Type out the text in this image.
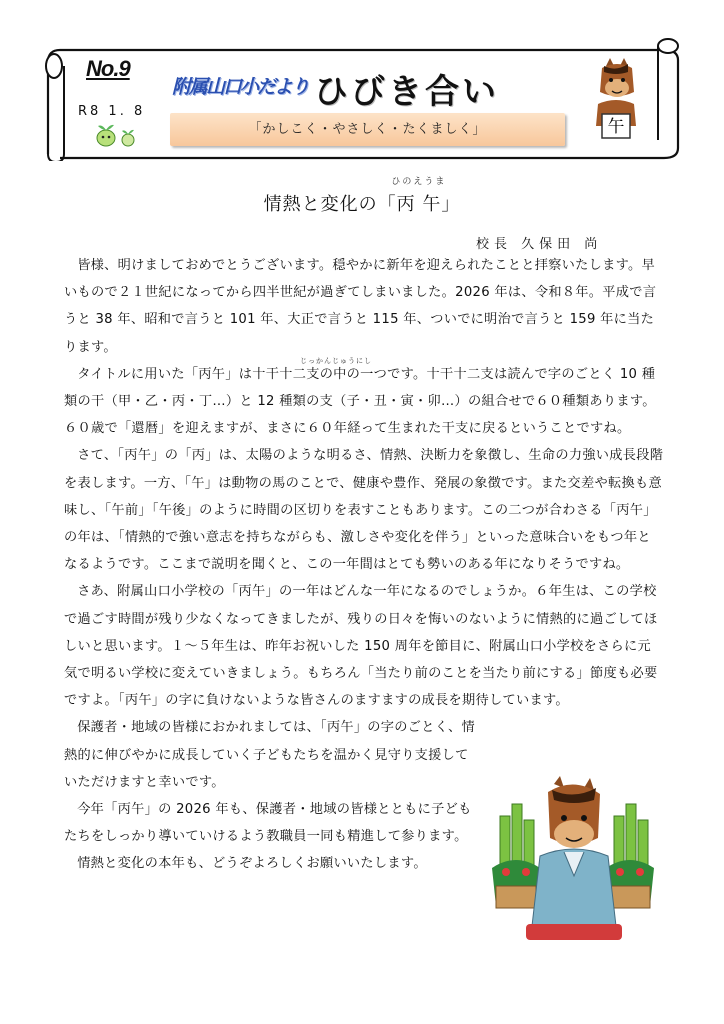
No.9
R8 1. 8
附属山口小だより ひびき合い
「かしこく・やさしく・たくましく」	午
ひのえうま
情熱と変化の「丙 午」
校長 久保田 尚

皆様、明けましておめでとうございます。穏やかに新年を迎えられたことと拝察いたします。早いもので２１世紀になってから四半世紀が過ぎてしまいました。2026 年は、令和８年。平成で言うと 38 年、昭和で言うと 101 年、大正で言うと 115 年、ついでに明治で言うと 159 年に当たります。

タイトルに用いた「丙午」は十干十二支の中の一つです。十干十二支は読んで字のごとく 10 種類の干（甲・乙・丙・丁…）と 12 種類の支（子・丑・寅・卯…）の組合せで６０種類あります。６０歳で「還暦」を迎えますが、まさに６０年経って生まれた干支に戻るということですね。

さて、「丙午」の「丙」は、太陽のような明るさ、情熱、決断力を象徴し、生命の力強い成長段階を表します。一方、「午」は動物の馬のことで、健康や豊作、発展の象徴です。また交差や転換も意味し、「午前」「午後」のように時間の区切りを表すこともあります。この二つが合わさる「丙午」の年は、「情熱的で強い意志を持ちながらも、激しさや変化を伴う」といった意味合いをもつ年となるようです。ここまで説明を聞くと、この一年間はとても勢いのある年になりそうですね。

さあ、附属山口小学校の「丙午」の一年はどんな一年になるのでしょうか。６年生は、この学校で過ごす時間が残り少なくなってきましたが、残りの日々を悔いのないように情熱的に過ごしてほしいと思います。１～５年生は、昨年お祝いした 150 周年を節目に、附属山口小学校をさらに元気で明るい学校に変えていきましょう。もちろん「当たり前のことを当たり前にする」節度も必要ですよ。「丙午」の字に負けないような皆さんのますますの成長を期待しています。

保護者・地域の皆様におかれましては、「丙午」の字のごとく、情熱的に伸びやかに成長していく子どもたちを温かく見守り支援していただけますと幸いです。

今年「丙午」の 2026 年も、保護者・地域の皆様とともに子どもたちをしっかり導いていけるよう教職員一同も精進して参ります。

情熱と変化の本年も、どうぞよろしくお願いいたします。

じっかんじゅうにし
